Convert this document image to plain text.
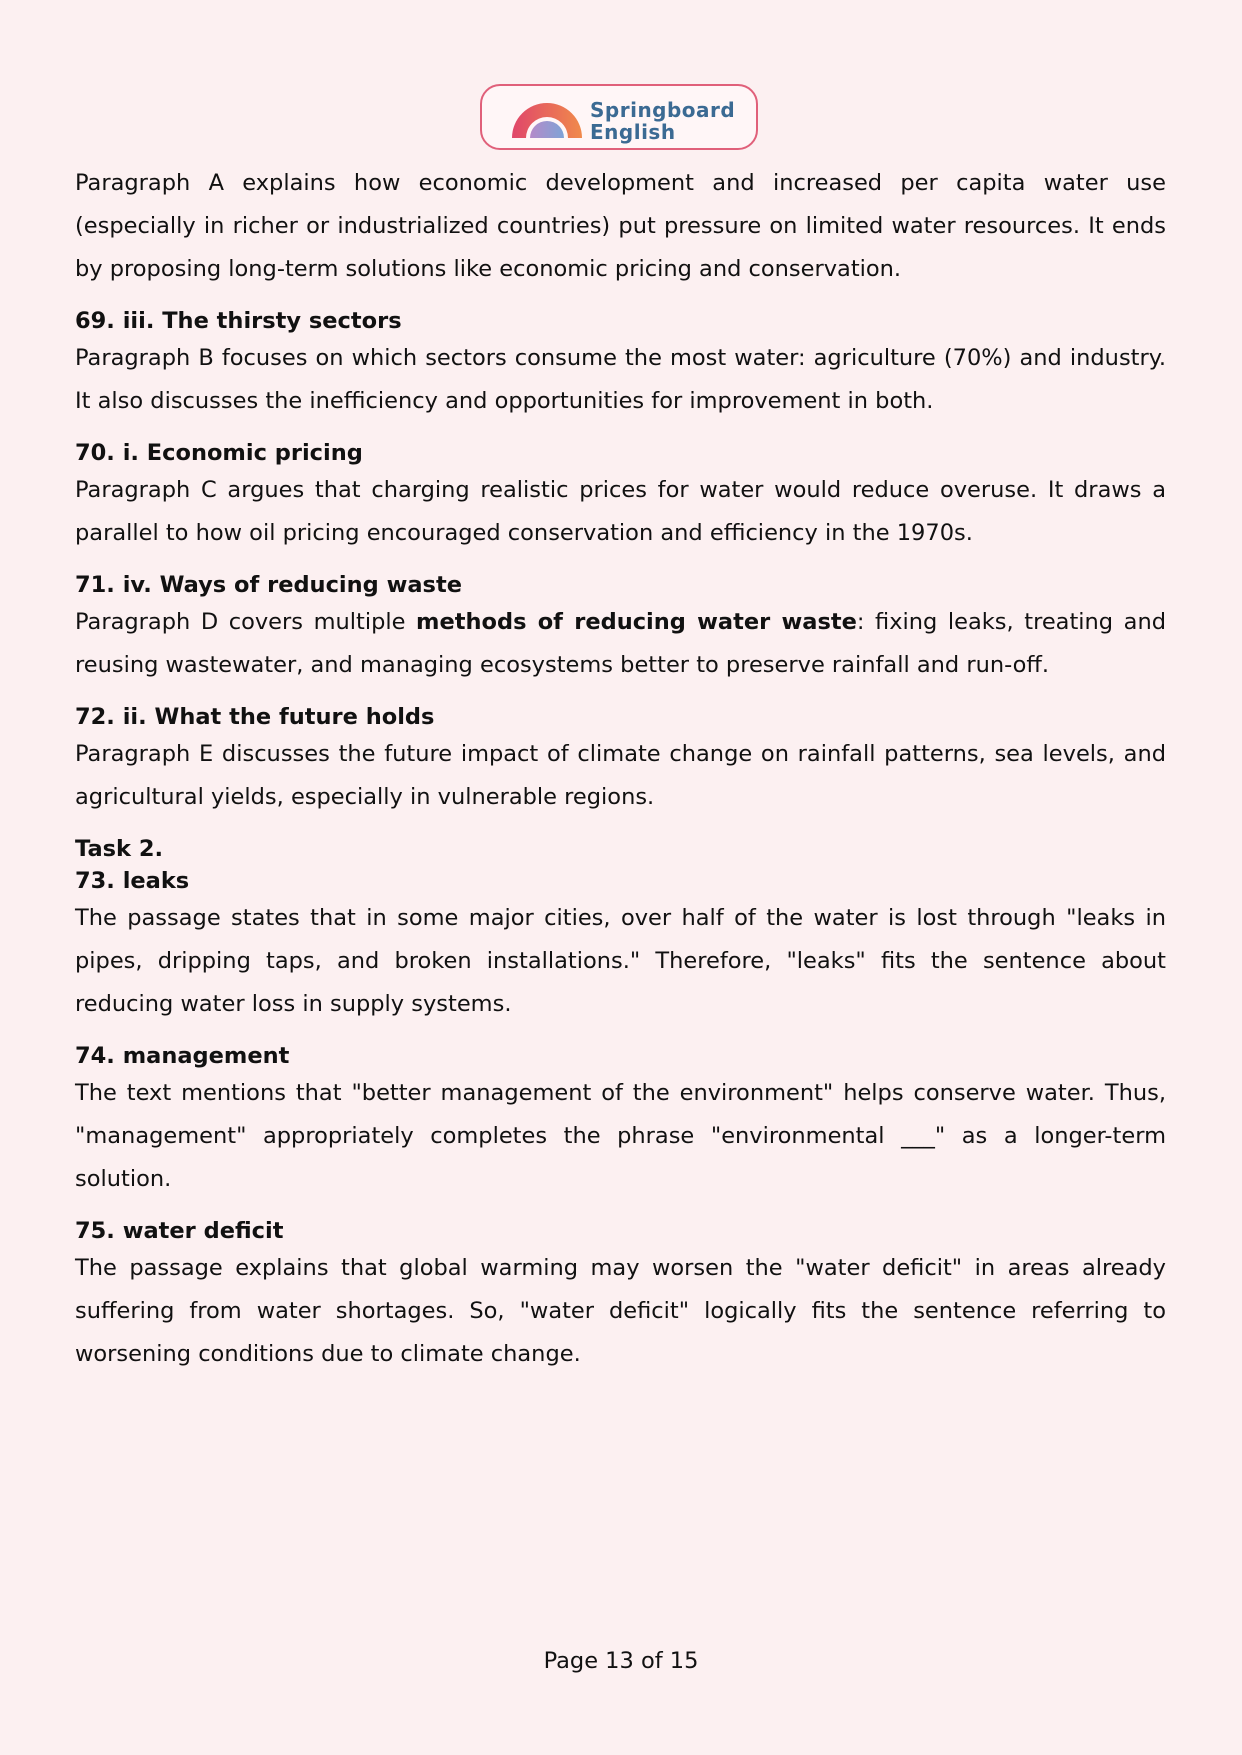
Springboard
English

Paragraph A explains how economic development and increased per capita water use (especially in richer or industrialized countries) put pressure on limited water resources. It ends by proposing long-term solutions like economic pricing and conservation.

69. iii. The thirsty sectors

Paragraph B focuses on which sectors consume the most water: agriculture (70%) and industry. It also discusses the inefficiency and opportunities for improvement in both.

70. i. Economic pricing

Paragraph C argues that charging realistic prices for water would reduce overuse. It draws a parallel to how oil pricing encouraged conservation and efficiency in the 1970s.

71. iv. Ways of reducing waste

Paragraph D covers multiple methods of reducing water waste: fixing leaks, treating and reusing wastewater, and managing ecosystems better to preserve rainfall and run-off.

72. ii. What the future holds

Paragraph E discusses the future impact of climate change on rainfall patterns, sea levels, and agricultural yields, especially in vulnerable regions.

Task 2.
73. leaks

The passage states that in some major cities, over half of the water is lost through "leaks in pipes, dripping taps, and broken installations." Therefore, "leaks" fits the sentence about reducing water loss in supply systems.

74. management

The text mentions that "better management of the environment" helps conserve water. Thus, "management" appropriately completes the phrase "environmental ___" as a longer-term solution.

75. water deficit

The passage explains that global warming may worsen the "water deficit" in areas already suffering from water shortages. So, "water deficit" logically fits the sentence referring to worsening conditions due to climate change.

Page 13 of 15
